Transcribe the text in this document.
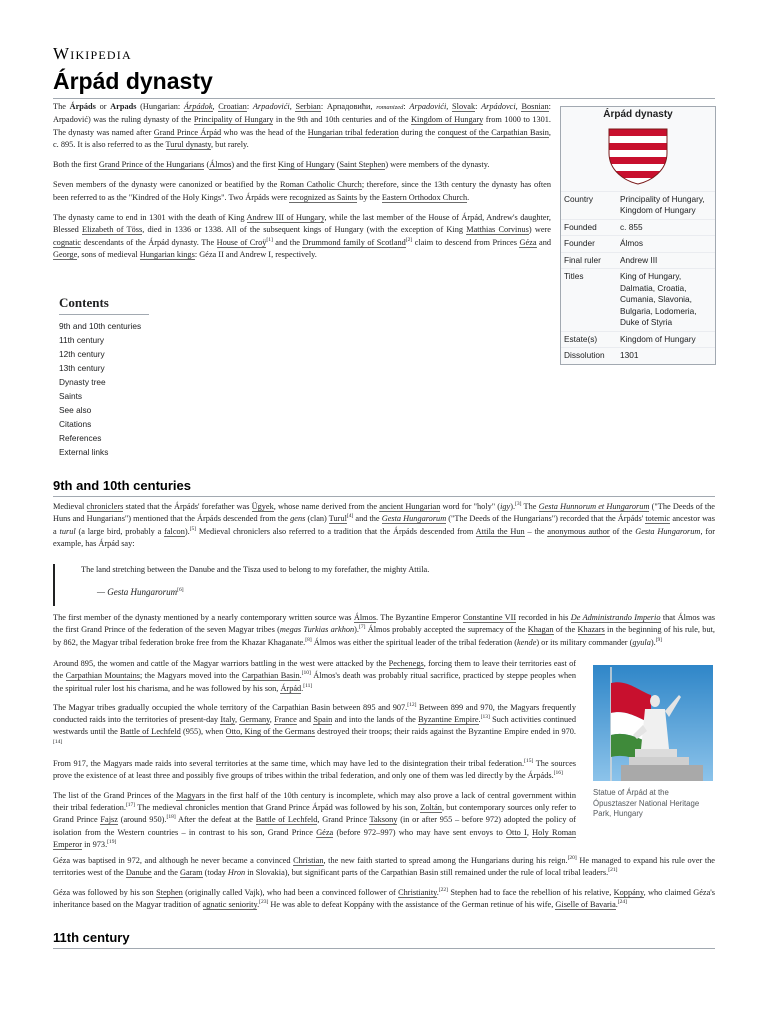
Wikipedia
Árpád dynasty

The Árpáds or Arpads (Hungarian: Árpádok, Croatian: Arpadovići, Serbian: Арпадовићи, romanized: Arpadovići, Slovak: Arpádovci, Bosnian: Arpadović) was the ruling dynasty of the Principality of Hungary in the 9th and 10th centuries and of the Kingdom of Hungary from 1000 to 1301. The dynasty was named after Grand Prince Árpád who was the head of the Hungarian tribal federation during the conquest of the Carpathian Basin, c. 895. It is also referred to as the Turul dynasty, but rarely.

Both the first Grand Prince of the Hungarians (Álmos) and the first King of Hungary (Saint Stephen) were members of the dynasty.

Seven members of the dynasty were canonized or beatified by the Roman Catholic Church; therefore, since the 13th century the dynasty has often been referred to as the "Kindred of the Holy Kings". Two Árpáds were recognized as Saints by the Eastern Orthodox Church.

The dynasty came to end in 1301 with the death of King Andrew III of Hungary, while the last member of the House of Árpád, Andrew's daughter, Blessed Elizabeth of Töss, died in 1336 or 1338. All of the subsequent kings of Hungary (with the exception of King Matthias Corvinus) were cognatic descendants of the Árpád dynasty. The House of Croÿ[1] and the Drummond family of Scotland[2] claim to descend from Princes Géza and George, sons of medieval Hungarian kings: Géza II and Andrew I, respectively.

Árpád dynasty
Country	Principality of Hungary, Kingdom of Hungary
Founded	c. 855
Founder	Álmos
Final ruler	Andrew III
Titles	King of Hungary, Dalmatia, Croatia, Cumania, Slavonia, Bulgaria, Lodomeria, Duke of Styria
Estate(s)	Kingdom of Hungary
Dissolution	1301
Contents
9th and 10th centuries
11th century
12th century
13th century
Dynasty tree
Saints
See also
Citations
References
External links
9th and 10th centuries

Medieval chroniclers stated that the Árpáds' forefather was Ügyek, whose name derived from the ancient Hungarian word for "holy" (igy).[3] The Gesta Hunnorum et Hungarorum ("The Deeds of the Huns and Hungarians") mentioned that the Árpáds descended from the gens (clan) Turul[4] and the Gesta Hungarorum ("The Deeds of the Hungarians") recorded that the Árpáds' totemic ancestor was a turul (a large bird, probably a falcon).[5] Medieval chroniclers also referred to a tradition that the Árpáds descended from Attila the Hun – the anonymous author of the Gesta Hungarorum, for example, has Árpád say:

The land stretching between the Danube and the Tisza used to belong to my forefather, the mighty Attila.
— Gesta Hungarorum[6]

The first member of the dynasty mentioned by a nearly contemporary written source was Álmos. The Byzantine Emperor Constantine VII recorded in his De Administrando Imperio that Álmos was the first Grand Prince of the federation of the seven Magyar tribes (megas Turkias arkhon).[7] Álmos probably accepted the supremacy of the Khagan of the Khazars in the beginning of his rule, but, by 862, the Magyar tribal federation broke free from the Khazar Khaganate.[8] Álmos was either the spiritual leader of the tribal federation (kende) or its military commander (gyula).[9]

Around 895, the women and cattle of the Magyar warriors battling in the west were attacked by the Pechenegs, forcing them to leave their territories east of the Carpathian Mountains; the Magyars moved into the Carpathian Basin.[10] Álmos's death was probably ritual sacrifice, practiced by steppe peoples when the spiritual ruler lost his charisma, and he was followed by his son, Árpád.[11]

The Magyar tribes gradually occupied the whole territory of the Carpathian Basin between 895 and 907.[12] Between 899 and 970, the Magyars frequently conducted raids into the territories of present-day Italy, Germany, France and Spain and into the lands of the Byzantine Empire.[13] Such activities continued westwards until the Battle of Lechfeld (955), when Otto, King of the Germans destroyed their troops; their raids against the Byzantine Empire ended in 970.[14]

From 917, the Magyars made raids into several territories at the same time, which may have led to the disintegration their tribal federation.[15] The sources prove the existence of at least three and possibly five groups of tribes within the tribal federation, and only one of them was led directly by the Árpáds.[16]

The list of the Grand Princes of the Magyars in the first half of the 10th century is incomplete, which may also prove a lack of central government within their tribal federation.[17] The medieval chronicles mention that Grand Prince Árpád was followed by his son, Zoltán, but contemporary sources only refer to Grand Prince Fajsz (around 950).[18] After the defeat at the Battle of Lechfeld, Grand Prince Taksony (in or after 955 – before 972) adopted the policy of isolation from the Western countries – in contrast to his son, Grand Prince Géza (before 972–997) who may have sent envoys to Otto I, Holy Roman Emperor in 973.[19]

Géza was baptised in 972, and although he never became a convinced Christian, the new faith started to spread among the Hungarians during his reign.[20] He managed to expand his rule over the territories west of the Danube and the Garam (today Hron in Slovakia), but significant parts of the Carpathian Basin still remained under the rule of local tribal leaders.[21]

Géza was followed by his son Stephen (originally called Vajk), who had been a convinced follower of Christianity.[22] Stephen had to face the rebellion of his relative, Koppány, who claimed Géza's inheritance based on the Magyar tradition of agnatic seniority.[23] He was able to defeat Koppány with the assistance of the German retinue of his wife, Giselle of Bavaria.[24]

Statue of Árpád at the Ópusztaszer National Heritage Park, Hungary
11th century
